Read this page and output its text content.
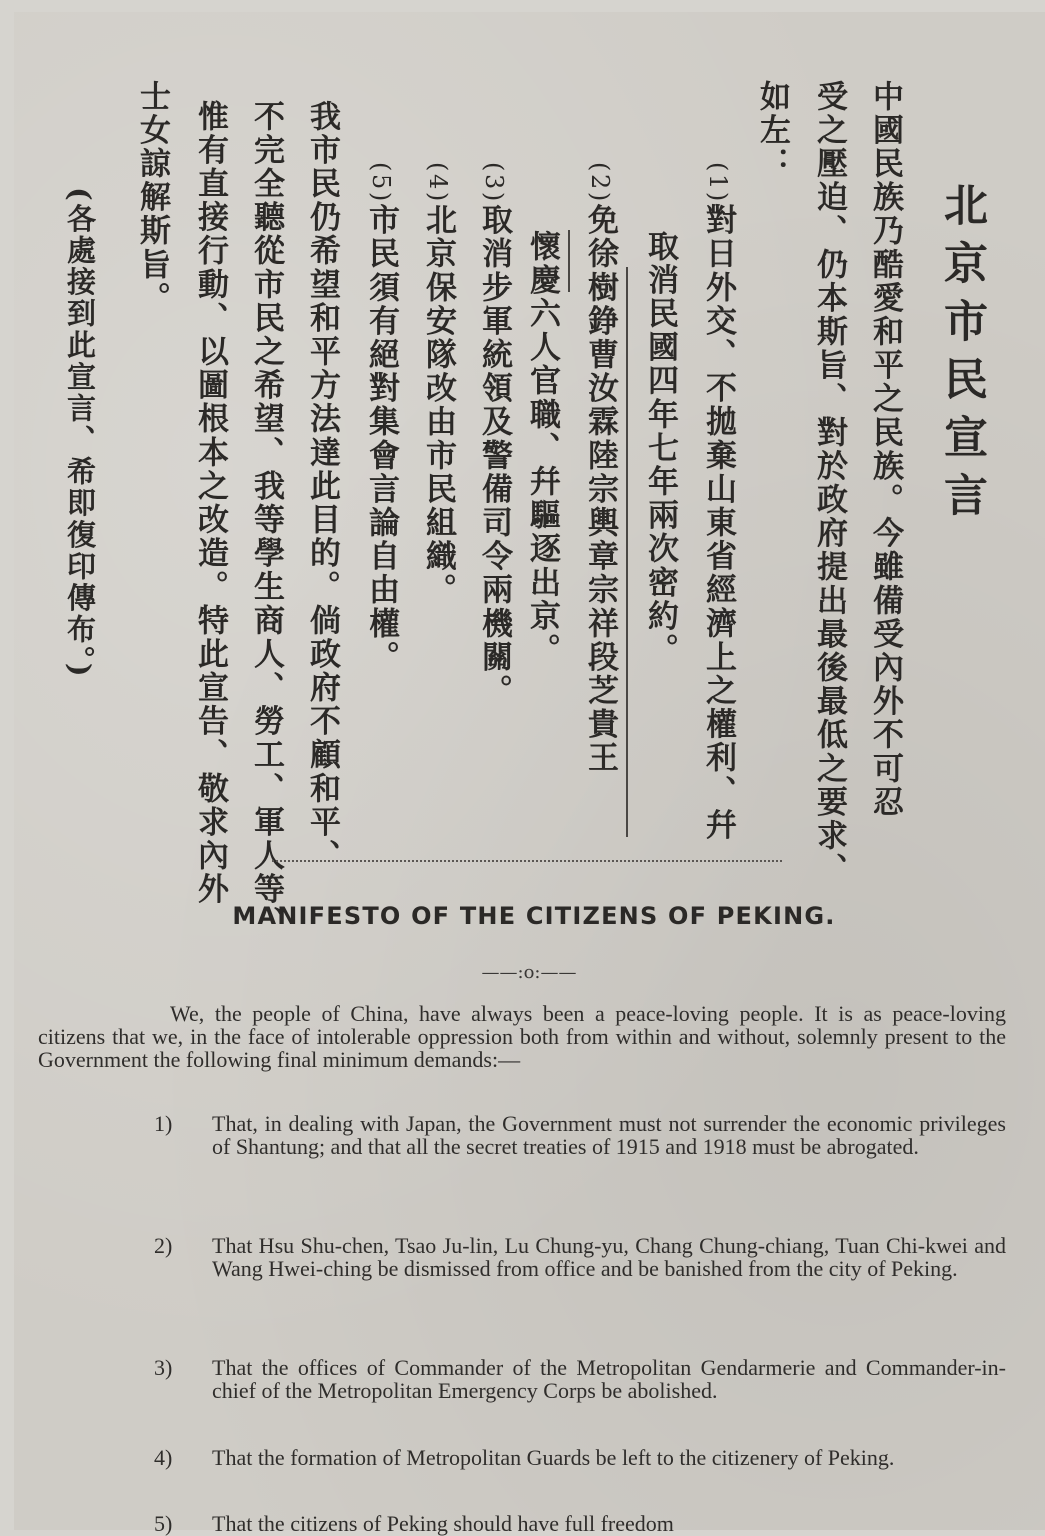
北京市民宣言
中國民族乃酷愛和平之民族。今雖備受內外不可忍
受之壓迫、仍本斯旨、對於政府提出最後最低之要求、
如左：
(1)對日外交、不拋棄山東省經濟上之權利、幷
取消民國四年七年兩次密約。
(2)免徐樹錚曹汝霖陸宗輿章宗祥段芝貴王
懷慶六人官職、幷驅逐出京。
(3)取消步軍統領及警備司令兩機關。
(4)北京保安隊改由市民組織。
(5)市民須有絕對集會言論自由權。
我市民仍希望和平方法達此目的。倘政府不顧和平、
不完全聽從市民之希望、我等學生商人、勞工、軍人等、
惟有直接行動、以圖根本之改造。特此宣告、敬求內外
士女諒解斯旨。
(各處接到此宣言、希即復印傳布。)
MANIFESTO OF THE CITIZENS OF PEKING.
——:o:——
We, the people of China, have always been a peace-loving people. It is as peace-loving citizens that we, in the face of intolerable oppression both from within and without, solemnly present to the Government the following final minimum demands:—
1)	That, in dealing with Japan, the Government must not surrender the economic privileges of Shantung; and that all the secret treaties of 1915 and 1918 must be abrogated.
2)	That Hsu Shu-chen, Tsao Ju-lin, Lu Chung-yu, Chang Chung-chiang, Tuan Chi-kwei and Wang Hwei-ching be dismissed from office and be banished from the city of Peking.
3)	That the offices of Commander of the Metropolitan Gendarmerie and Commander-in-chief of the Metropolitan Emergency Corps be abolished.
4)	That the formation of Metropolitan Guards be left to the citizenery of Peking.
5)	That the citizens of Peking should have full freedom
